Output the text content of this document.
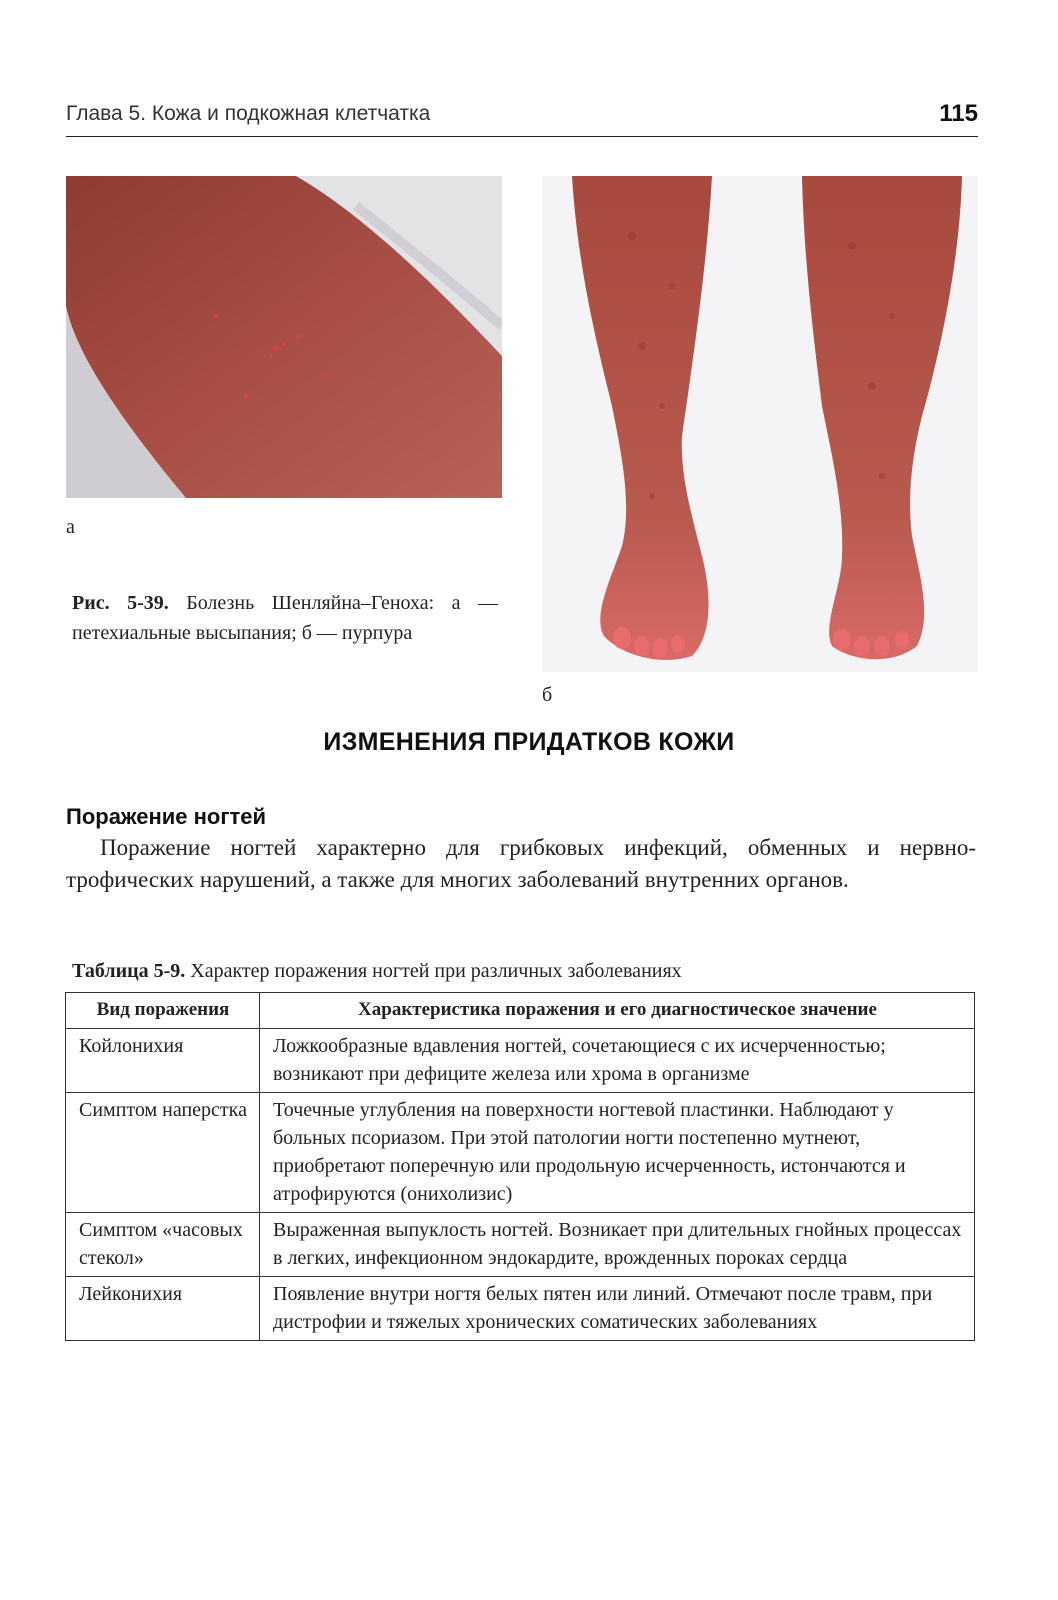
Глава 5. Кожа и подкожная клетчатка	115
а
б
Рис. 5-39. Болезнь Шенляйна–Геноха: а — петехиальные высыпания; б — пурпура
ИЗМЕНЕНИЯ ПРИДАТКОВ КОЖИ
Поражение ногтей
Поражение ногтей характерно для грибковых инфекций, обменных и нервно-трофических нарушений, а также для многих заболеваний внутренних органов.
Таблица 5-9. Характер поражения ногтей при различных заболеваниях
Вид поражения	Характеристика поражения и его диагностическое значение
Койлонихия	Ложкообразные вдавления ногтей, сочетающиеся с их исчерченностью; возникают при дефиците железа или хрома в организме
Симптом наперстка	Точечные углубления на поверхности ногтевой пластинки. Наблюдают у больных псориазом. При этой патологии ногти постепенно мутнеют, приобретают поперечную или продольную исчерченность, истончаются и атрофируются (онихолизис)
Симптом «часовых стекол»	Выраженная выпуклость ногтей. Возникает при длительных гнойных процессах в легких, инфекционном эндокардите, врожденных пороках сердца
Лейконихия	Появление внутри ногтя белых пятен или линий. Отмечают после травм, при дистрофии и тяжелых хронических соматических заболеваниях
